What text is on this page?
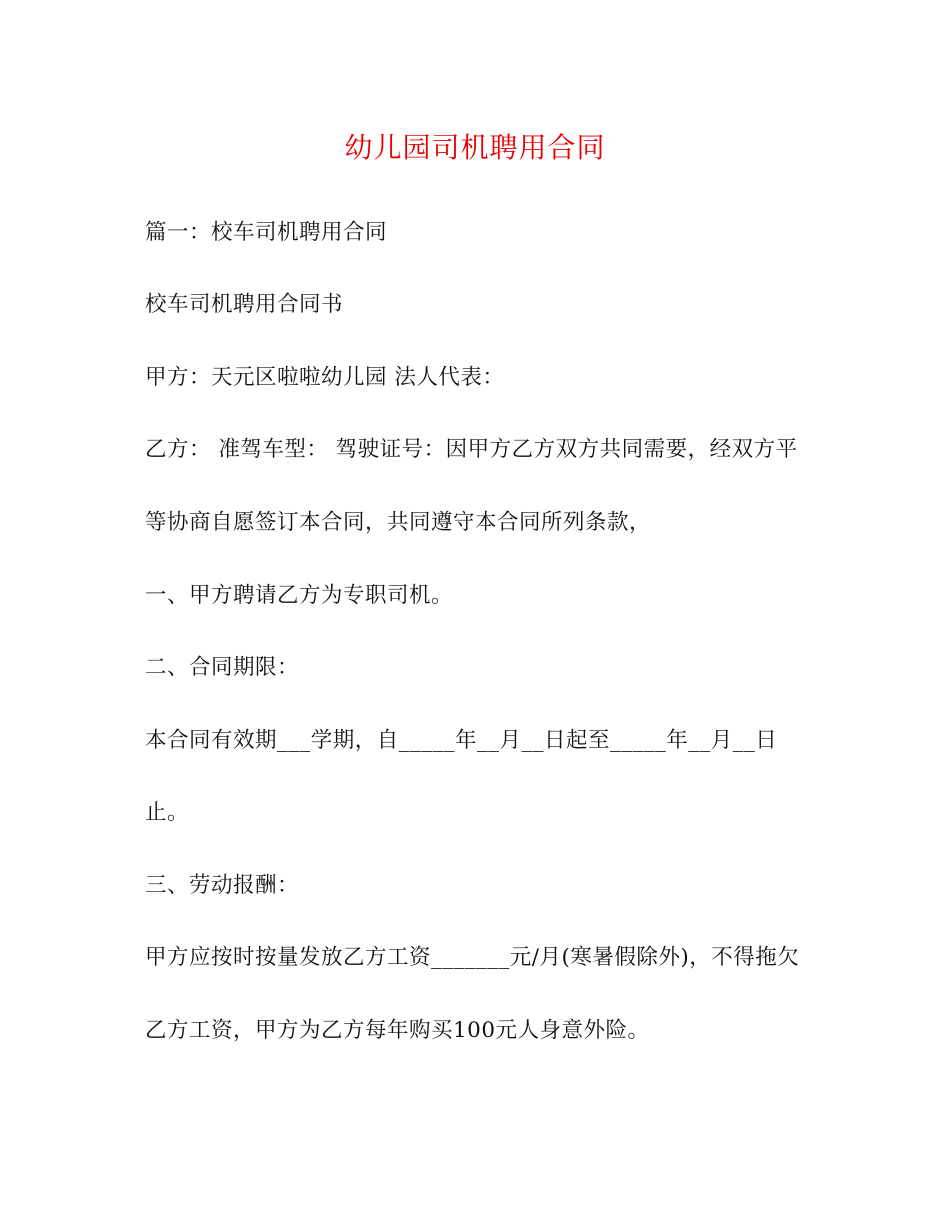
幼儿园司机聘用合同
篇一：校车司机聘用合同
校车司机聘用合同书
甲方：天元区啦啦幼儿园 法人代表：
乙方： 准驾车型： 驾驶证号：因甲方乙方双方共同需要，经双方平
等协商自愿签订本合同，共同遵守本合同所列条款，
一、甲方聘请乙方为专职司机。
二、合同期限：
本合同有效期___学期，自_____年__月__日起至_____年__月__日
止。
三、劳动报酬：
甲方应按时按量发放乙方工资_______元/月(寒暑假除外)，不得拖欠
乙方工资，甲方为乙方每年购买100元人身意外险。
